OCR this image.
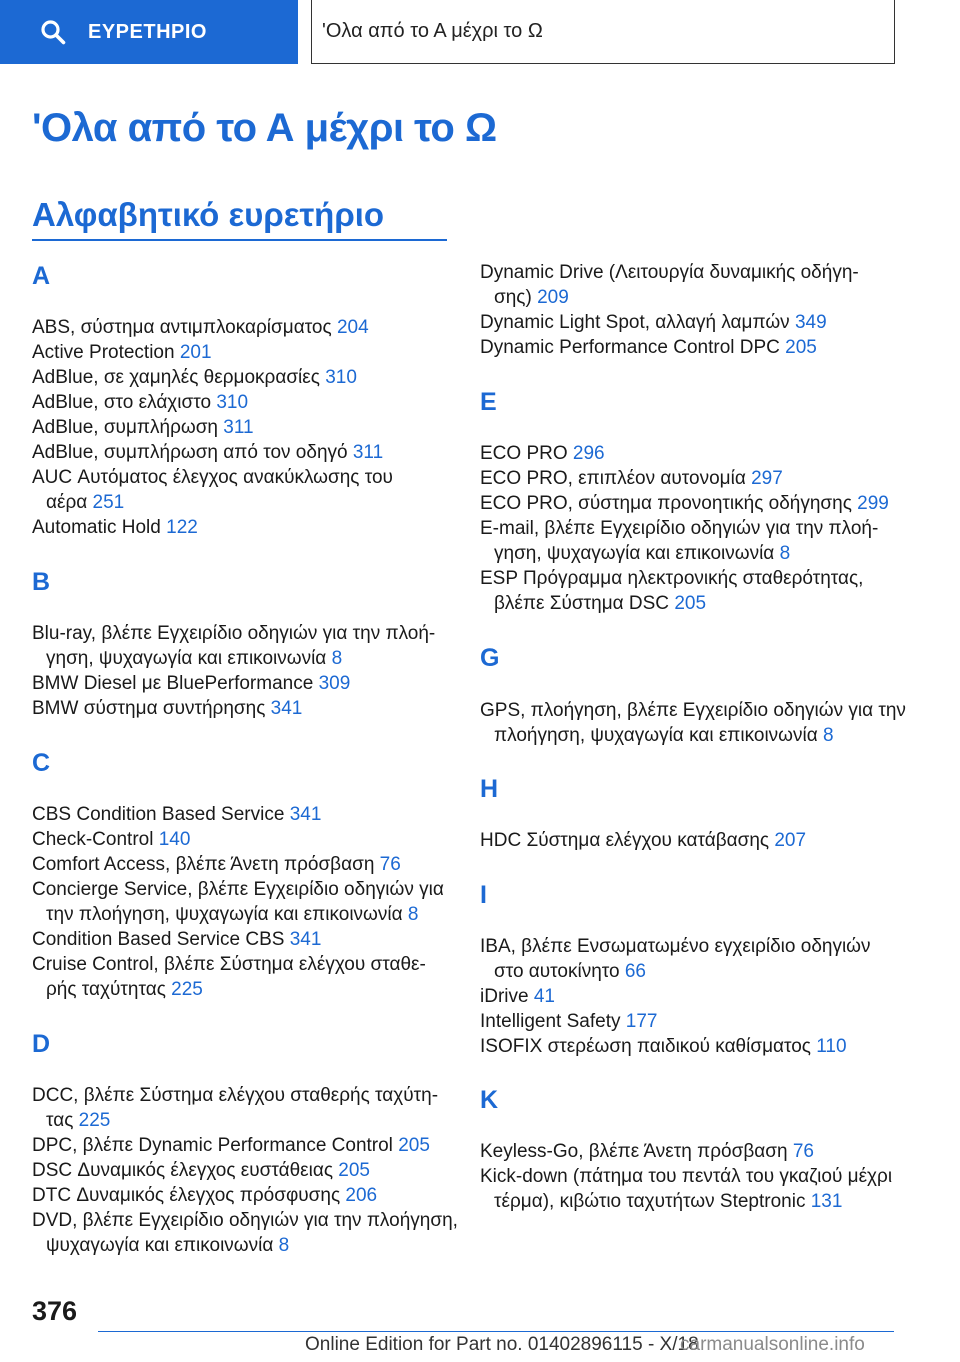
ΕΥΡΕΤΗΡΙΟ	'Ολα από το Α μέχρι το Ω
'Ολα από το Α μέχρι το Ω
Αλφαβητικό ευρετήριο
A
ABS, σύστημα αντιμπλοκαρίσματος 204
Active Protection 201
AdBlue, σε χαμηλές θερμοκρασίες 310
AdBlue, στο ελάχιστο 310
AdBlue, συμπλήρωση 311
AdBlue, συμπλήρωση από τον οδηγό 311
AUC Αυτόματος έλεγχος ανακύκλωσης του
αέρα 251
Automatic Hold 122
B
Blu-ray, βλέπε Εγχειρίδιο οδηγιών για την πλοή-
γηση, ψυχαγωγία και επικοινωνία 8
BMW Diesel με BluePerformance 309
BMW σύστημα συντήρησης 341
C
CBS Condition Based Service 341
Check-Control 140
Comfort Access, βλέπε Άνετη πρόσβαση 76
Concierge Service, βλέπε Εγχειρίδιο οδηγιών για
την πλοήγηση, ψυχαγωγία και επικοινωνία 8
Condition Based Service CBS 341
Cruise Control, βλέπε Σύστημα ελέγχου σταθε-
ρής ταχύτητας 225
D
DCC, βλέπε Σύστημα ελέγχου σταθερής ταχύτη-
τας 225
DPC, βλέπε Dynamic Performance Control 205
DSC Δυναμικός έλεγχος ευστάθειας 205
DTC Δυναμικός έλεγχος πρόσφυσης 206
DVD, βλέπε Εγχειρίδιο οδηγιών για την πλοήγηση,
ψυχαγωγία και επικοινωνία 8
Dynamic Drive (Λειτουργία δυναμικής οδήγη-
σης) 209
Dynamic Light Spot, αλλαγή λαμπών 349
Dynamic Performance Control DPC 205
E
ECO PRO 296
ECO PRO, επιπλέον αυτονομία 297
ECO PRO, σύστημα προνοητικής οδήγησης 299
E-mail, βλέπε Εγχειρίδιο οδηγιών για την πλοή-
γηση, ψυχαγωγία και επικοινωνία 8
ESP Πρόγραμμα ηλεκτρονικής σταθερότητας,
βλέπε Σύστημα DSC 205
G
GPS, πλοήγηση, βλέπε Εγχειρίδιο οδηγιών για την
πλοήγηση, ψυχαγωγία και επικοινωνία 8
H
HDC Σύστημα ελέγχου κατάβασης 207
I
IBA, βλέπε Ενσωματωμένο εγχειρίδιο οδηγιών
στο αυτοκίνητο 66
iDrive 41
Intelligent Safety 177
ISOFIX στερέωση παιδικού καθίσματος 110
K
Keyless-Go, βλέπε Άνετη πρόσβαση 76
Kick-down (πάτημα του πεντάλ του γκαζιού μέχρι
τέρμα), κιβώτιο ταχυτήτων Steptronic 131
376
Online Edition for Part no. 01402896115 - X/18
carmanualsonline.info
